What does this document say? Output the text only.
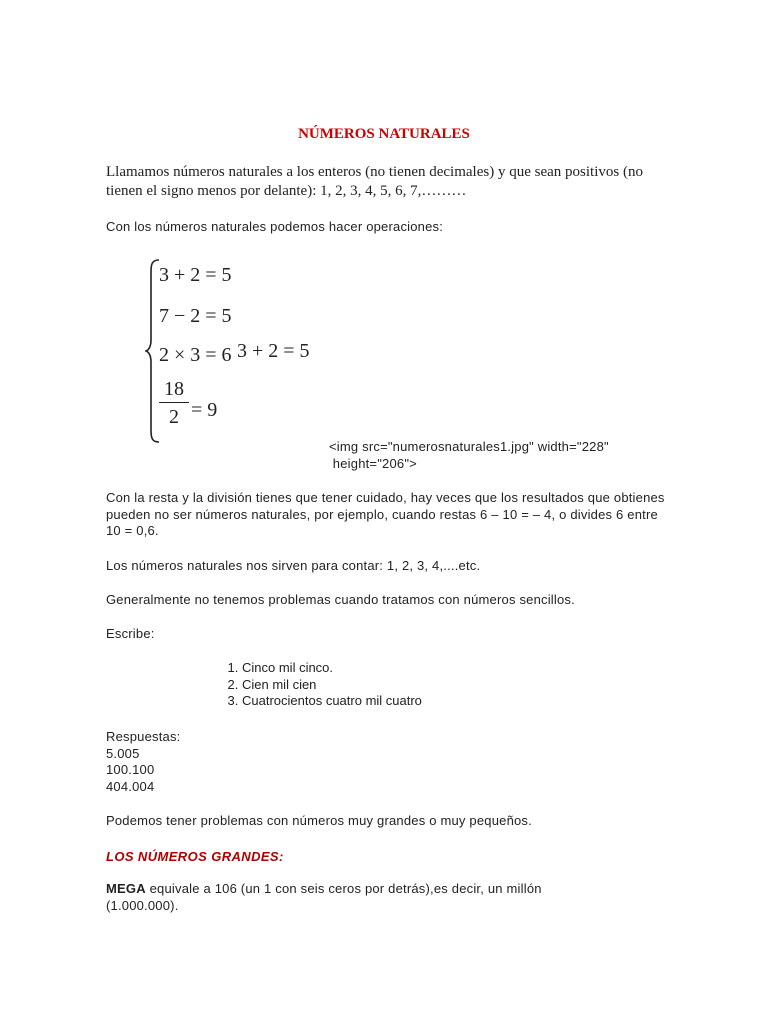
NÚMEROS NATURALES
Llamamos números naturales a los enteros (no tienen decimales) y que sean positivos (no tienen el signo menos por delante): 1, 2, 3, 4, 5, 6, 7,………
Con los números naturales podemos hacer operaciones:
3 + 2 = 5
7 − 2 = 5
2 × 3 = 6 3 + 2 = 5
18
2 = 9
<img src="numerosnaturales1.jpg" width="228"
height="206">
Con la resta y la división tienes que tener cuidado, hay veces que los resultados que obtienes pueden no ser números naturales, por ejemplo, cuando restas 6 – 10 = – 4, o divides 6 entre 10 = 0,6.
Los números naturales nos sirven para contar: 1, 2, 3, 4,....etc.
Generalmente no tenemos problemas cuando tratamos con números sencillos.
Escribe:
1. Cinco mil cinco.
2. Cien mil cien
3. Cuatrocientos cuatro mil cuatro
Respuestas:
5.005
100.100
404.004
Podemos tener problemas con números muy grandes o muy pequeños.
LOS NÚMEROS GRANDES:
MEGA equivale a 106 (un 1 con seis ceros por detrás),es decir, un millón (1.000.000).
